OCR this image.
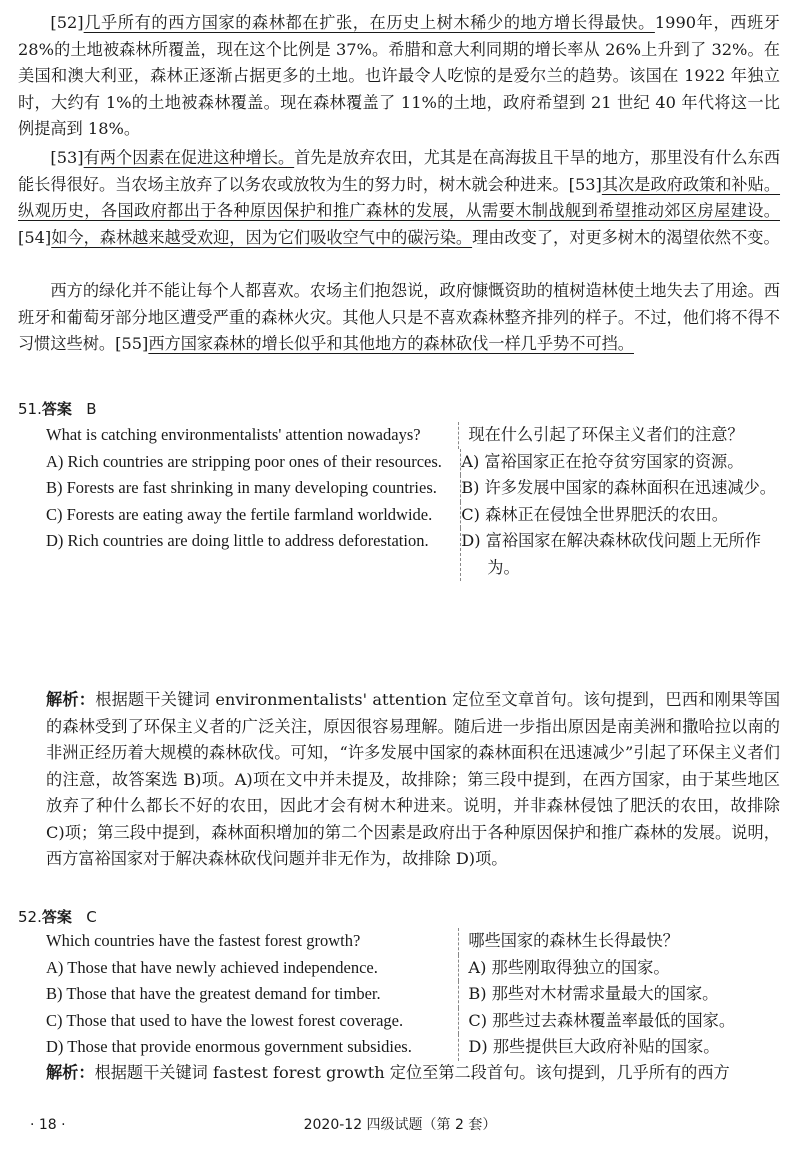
[52]几乎所有的西方国家的森林都在扩张，在历史上树木稀少的地方增长得最快。1990年，西班牙 28%的土地被森林所覆盖，现在这个比例是 37%。希腊和意大利同期的增长率从 26%上升到了 32%。在美国和澳大利亚，森林正逐渐占据更多的土地。也许最令人吃惊的是爱尔兰的趋势。该国在 1922 年独立时，大约有 1%的土地被森林覆盖。现在森林覆盖了 11%的土地，政府希望到 21 世纪 40 年代将这一比例提高到 18%。

[53]有两个因素在促进这种增长。首先是放弃农田，尤其是在高海拔且干旱的地方，那里没有什么东西能长得很好。当农场主放弃了以务农或放牧为生的努力时，树木就会种进来。[53]其次是政府政策和补贴。纵观历史，各国政府都出于各种原因保护和推广森林的发展，从需要木制战舰到希望推动郊区房屋建设。[54]如今，森林越来越受欢迎，因为它们吸收空气中的碳污染。理由改变了，对更多树木的渴望依然不变。

西方的绿化并不能让每个人都喜欢。农场主们抱怨说，政府慷慨资助的植树造林使土地失去了用途。西班牙和葡萄牙部分地区遭受严重的森林火灾。其他人只是不喜欢森林整齐排列的样子。不过，他们将不得不习惯这些树。[55]西方国家森林的增长似乎和其他地方的森林砍伐一样几乎势不可挡。

51.答案 B

What is catching environmentalists' attention nowadays?	现在什么引起了环保主义者们的注意？
A) Rich countries are stripping poor ones of their resources.	A) 富裕国家正在抢夺贫穷国家的资源。
B) Forests are fast shrinking in many developing countries.	B) 许多发展中国家的森林面积在迅速减少。
C) Forests are eating away the fertile farmland worldwide.	C) 森林正在侵蚀全世界肥沃的农田。
D) Rich countries are doing little to address deforestation.	D) 富裕国家在解决森林砍伐问题上无所作为。

解析：根据题干关键词 environmentalists' attention 定位至文章首句。该句提到，巴西和刚果等国的森林受到了环保主义者的广泛关注，原因很容易理解。随后进一步指出原因是南美洲和撒哈拉以南的非洲正经历着大规模的森林砍伐。可知，“许多发展中国家的森林面积在迅速减少”引起了环保主义者们的注意，故答案选 B)项。A)项在文中并未提及，故排除；第三段中提到，在西方国家，由于某些地区放弃了种什么都长不好的农田，因此才会有树木种进来。说明，并非森林侵蚀了肥沃的农田，故排除 C)项；第三段中提到，森林面积增加的第二个因素是政府出于各种原因保护和推广森林的发展。说明，西方富裕国家对于解决森林砍伐问题并非无作为，故排除 D)项。

52.答案 C

Which countries have the fastest forest growth?	哪些国家的森林生长得最快？
A) Those that have newly achieved independence.	A) 那些刚取得独立的国家。
B) Those that have the greatest demand for timber.	B) 那些对木材需求量最大的国家。
C) Those that used to have the lowest forest coverage.	C) 那些过去森林覆盖率最低的国家。
D) Those that provide enormous government subsidies.	D) 那些提供巨大政府补贴的国家。

解析：根据题干关键词 fastest forest growth 定位至第二段首句。该句提到，几乎所有的西方

· 18 ·	2020-12 四级试题（第 2 套）
